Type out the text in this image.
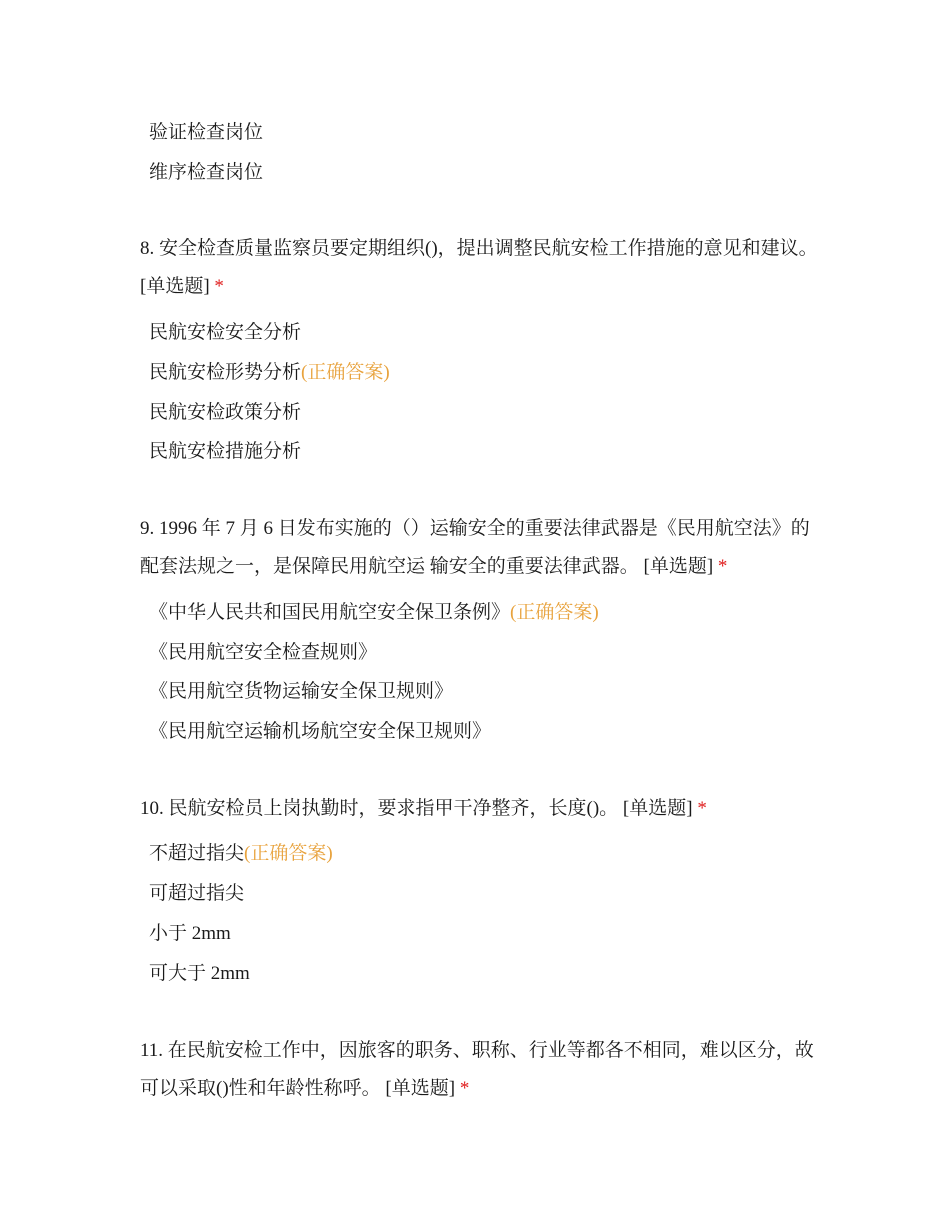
验证检查岗位
维序检查岗位
8. 安全检查质量监察员要定期组织()，提出调整民航安检工作措施的意见和建议。
[单选题] *
民航安检安全分析
民航安检形势分析(正确答案)
民航安检政策分析
民航安检措施分析
9. 1996 年 7 月 6 日发布实施的（）运输安全的重要法律武器是《民用航空法》的配套法规之一，是保障民用航空运 输安全的重要法律武器。 [单选题] *
《中华人民共和国民用航空安全保卫条例》(正确答案)
《民用航空安全检查规则》
《民用航空货物运输安全保卫规则》
《民用航空运输机场航空安全保卫规则》
10. 民航安检员上岗执勤时，要求指甲干净整齐，长度()。 [单选题] *
不超过指尖(正确答案)
可超过指尖
小于 2mm
可大于 2mm
11. 在民航安检工作中，因旅客的职务、职称、行业等都各不相同，难以区分，故可以采取()性和年龄性称呼。 [单选题] *
